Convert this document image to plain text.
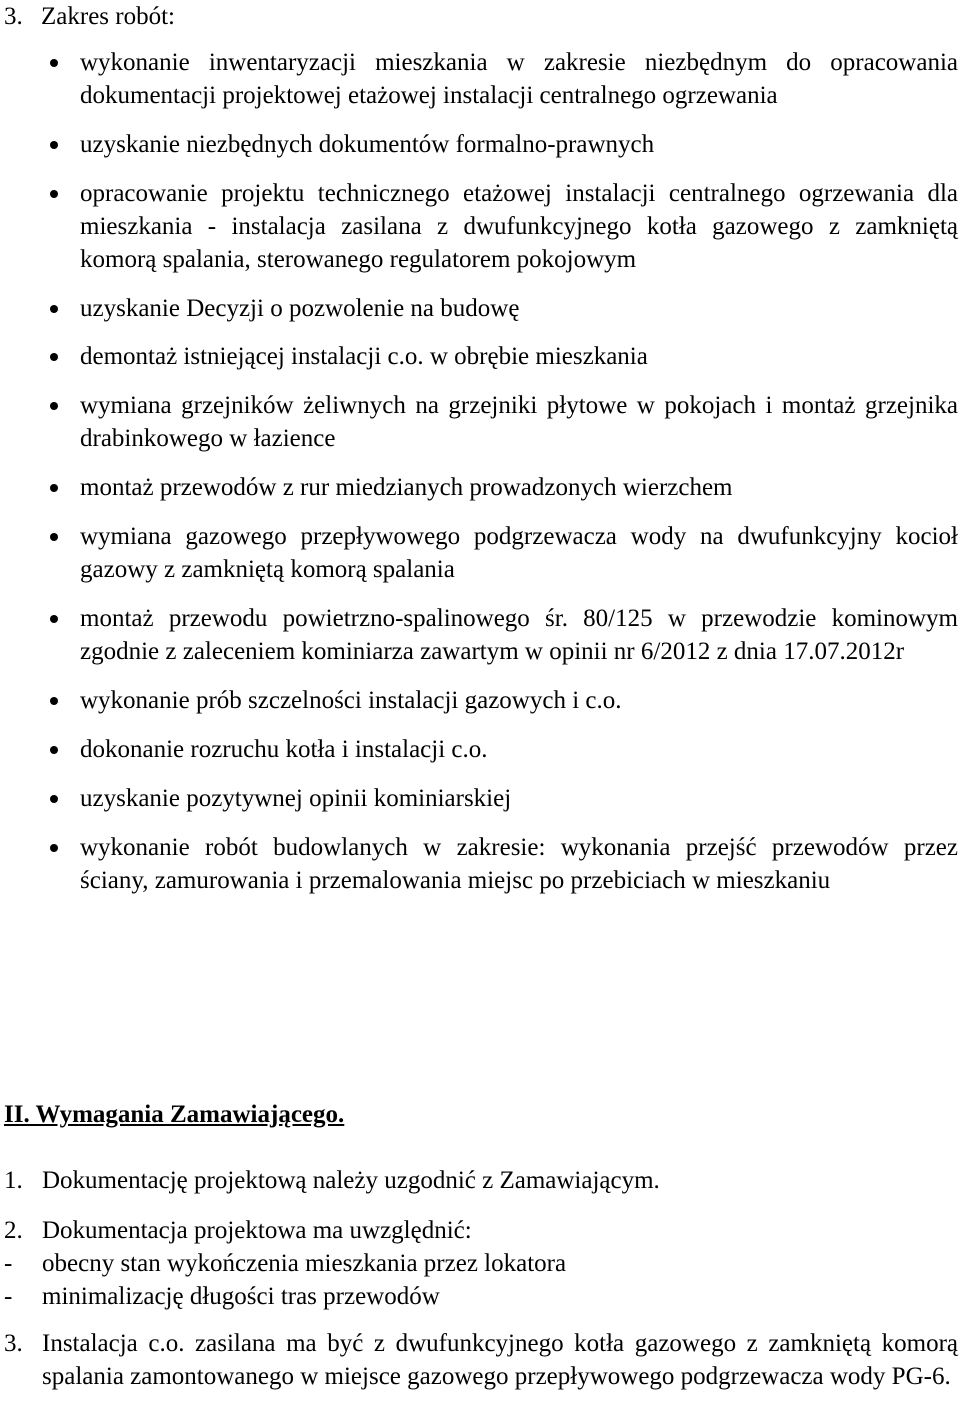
3. Zakres robót:
wykonanie inwentaryzacji mieszkania w zakresie niezbędnym do opracowania dokumentacji projektowej etażowej instalacji centralnego ogrzewania
uzyskanie niezbędnych dokumentów formalno-prawnych
opracowanie projektu technicznego etażowej instalacji centralnego ogrzewania dla mieszkania - instalacja zasilana z dwufunkcyjnego kotła gazowego z zamkniętą komorą spalania, sterowanego regulatorem pokojowym
uzyskanie Decyzji o pozwolenie na budowę
demontaż istniejącej instalacji c.o. w obrębie mieszkania
wymiana grzejników żeliwnych na grzejniki płytowe w pokojach i montaż grzejnika drabinkowego w łazience
montaż przewodów z rur miedzianych prowadzonych wierzchem
wymiana gazowego przepływowego podgrzewacza wody na dwufunkcyjny kocioł gazowy z zamkniętą komorą spalania
montaż przewodu powietrzno-spalinowego śr. 80/125 w przewodzie kominowym zgodnie z zaleceniem kominiarza zawartym w opinii nr 6/2012 z dnia 17.07.2012r
wykonanie prób szczelności instalacji gazowych i c.o.
dokonanie rozruchu kotła i instalacji c.o.
uzyskanie pozytywnej opinii kominiarskiej
wykonanie robót budowlanych w zakresie: wykonania przejść przewodów przez ściany, zamurowania i przemalowania miejsc po przebiciach w mieszkaniu
II. Wymagania Zamawiającego.
1. Dokumentację projektową należy uzgodnić z Zamawiającym.
2. Dokumentacja projektowa ma uwzględnić:
- obecny stan wykończenia mieszkania przez lokatora
- minimalizację długości tras przewodów
3. Instalacja c.o. zasilana ma być z dwufunkcyjnego kotła gazowego z zamkniętą komorą spalania zamontowanego w miejsce gazowego przepływowego podgrzewacza wody PG-6.
